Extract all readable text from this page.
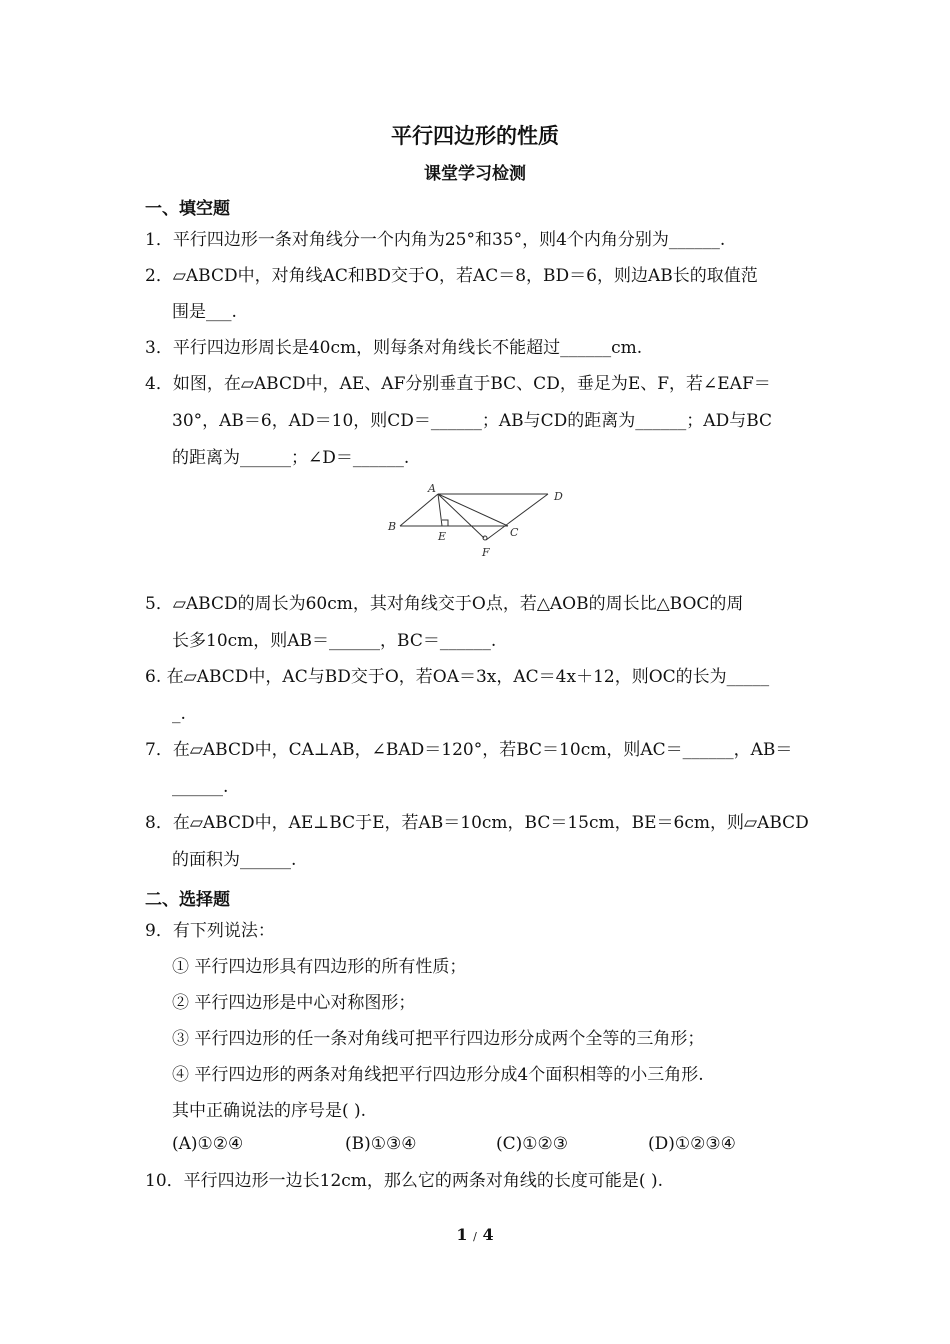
平行四边形的性质
课堂学习检测
一、填空题
1．平行四边形一条对角线分一个内角为25°和35°，则4个内角分别为______.
2．▱ABCD中，对角线AC和BD交于O，若AC＝8，BD＝6，则边AB长的取值范
围是___.
3．平行四边形周长是40cm，则每条对角线长不能超过______cm.
4．如图，在▱ABCD中，AE、AF分别垂直于BC、CD，垂足为E、F，若∠EAF＝
30°，AB＝6，AD＝10，则CD＝______；AB与CD的距离为______；AD与BC
的距离为______；∠D＝______.
A
B	C
D
E
F
5．▱ABCD的周长为60cm，其对角线交于O点，若△AOB的周长比△BOC的周
长多10cm，则AB＝______，BC＝______.
6. 在▱ABCD中，AC与BD交于O，若OA＝3x，AC＝4x＋12，则OC的长为_____
_.
7．在▱ABCD中，CA⊥AB，∠BAD＝120°，若BC＝10cm，则AC＝______，AB＝
______.
8．在▱ABCD中，AE⊥BC于E，若AB＝10cm，BC＝15cm，BE＝6cm，则▱ABCD
的面积为______.
二、选择题
9．有下列说法：
① 平行四边形具有四边形的所有性质；
② 平行四边形是中心对称图形；
③ 平行四边形的任一条对角线可把平行四边形分成两个全等的三角形；
④ 平行四边形的两条对角线把平行四边形分成4个面积相等的小三角形.
其中正确说法的序号是( ).
(A)①②④	(B)①③④	(C)①②③	(D)①②③④
10．平行四边形一边长12cm，那么它的两条对角线的长度可能是( ).
1 / 4
